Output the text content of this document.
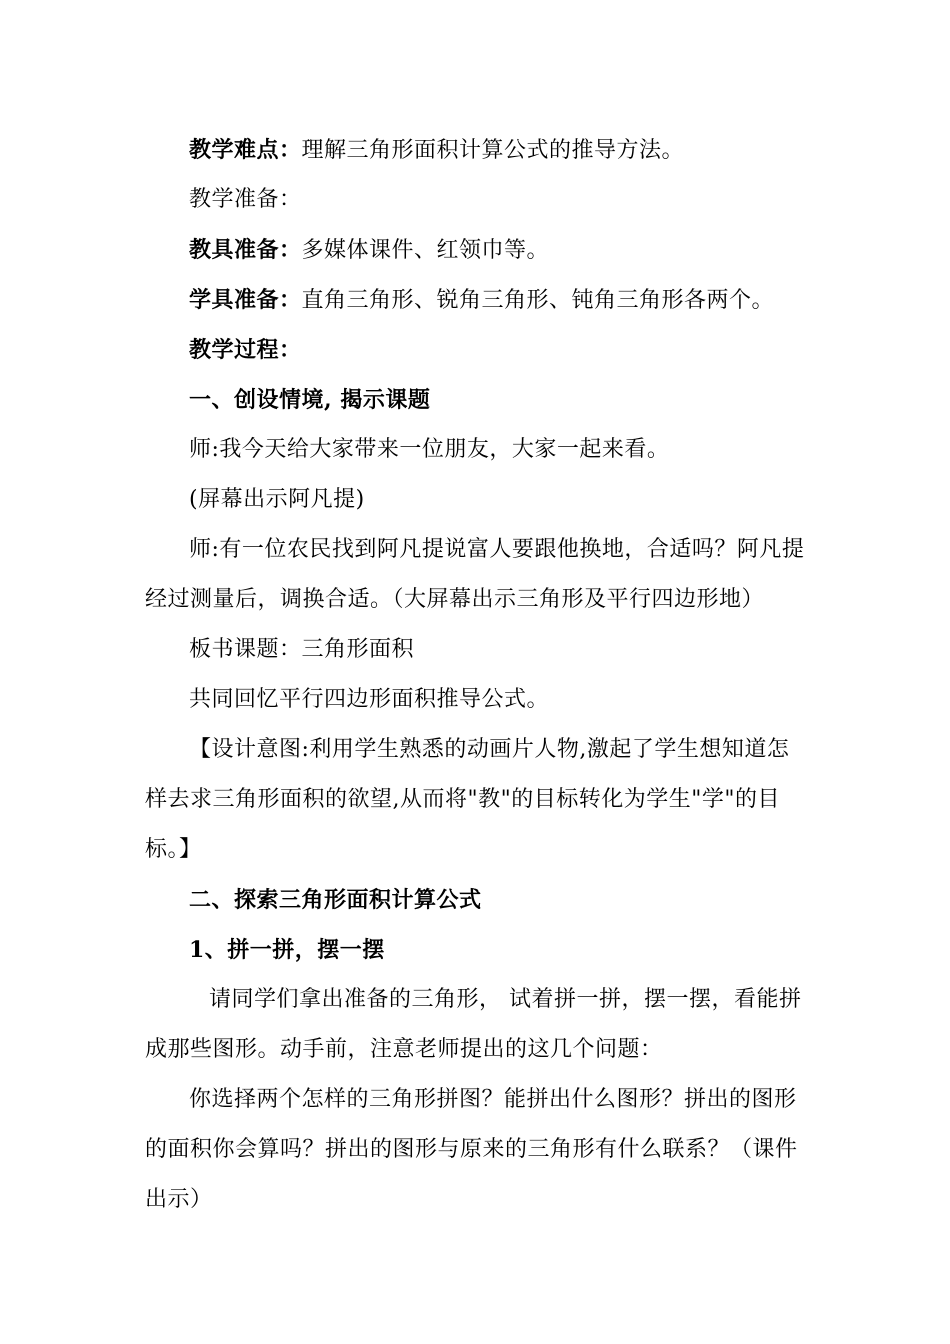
教学难点：理解三角形面积计算公式的推导方法。
教学准备：
教具准备：多媒体课件、红领巾等。
学具准备：直角三角形、锐角三角形、钝角三角形各两个。
教学过程：
一、创设情境, 揭示课题
师:我今天给大家带来一位朋友，大家一起来看。
(屏幕出示阿凡提)
师:有一位农民找到阿凡提说富人要跟他换地，合适吗？阿凡提
经过测量后，调换合适。（大屏幕出示三角形及平行四边形地）
板书课题：三角形面积
共同回忆平行四边形面积推导公式。
【设计意图:利用学生熟悉的动画片人物,激起了学生想知道怎
样去求三角形面积的欲望,从而将"教"的目标转化为学生"学"的目
标。】
二、探索三角形面积计算公式
1、拼一拼，摆一摆
请同学们拿出准备的三角形， 试着拼一拼，摆一摆，看能拼
成那些图形。动手前，注意老师提出的这几个问题：
你选择两个怎样的三角形拼图？能拼出什么图形？拼出的图形
的面积你会算吗？拼出的图形与原来的三角形有什么联系？（课件
出示）
